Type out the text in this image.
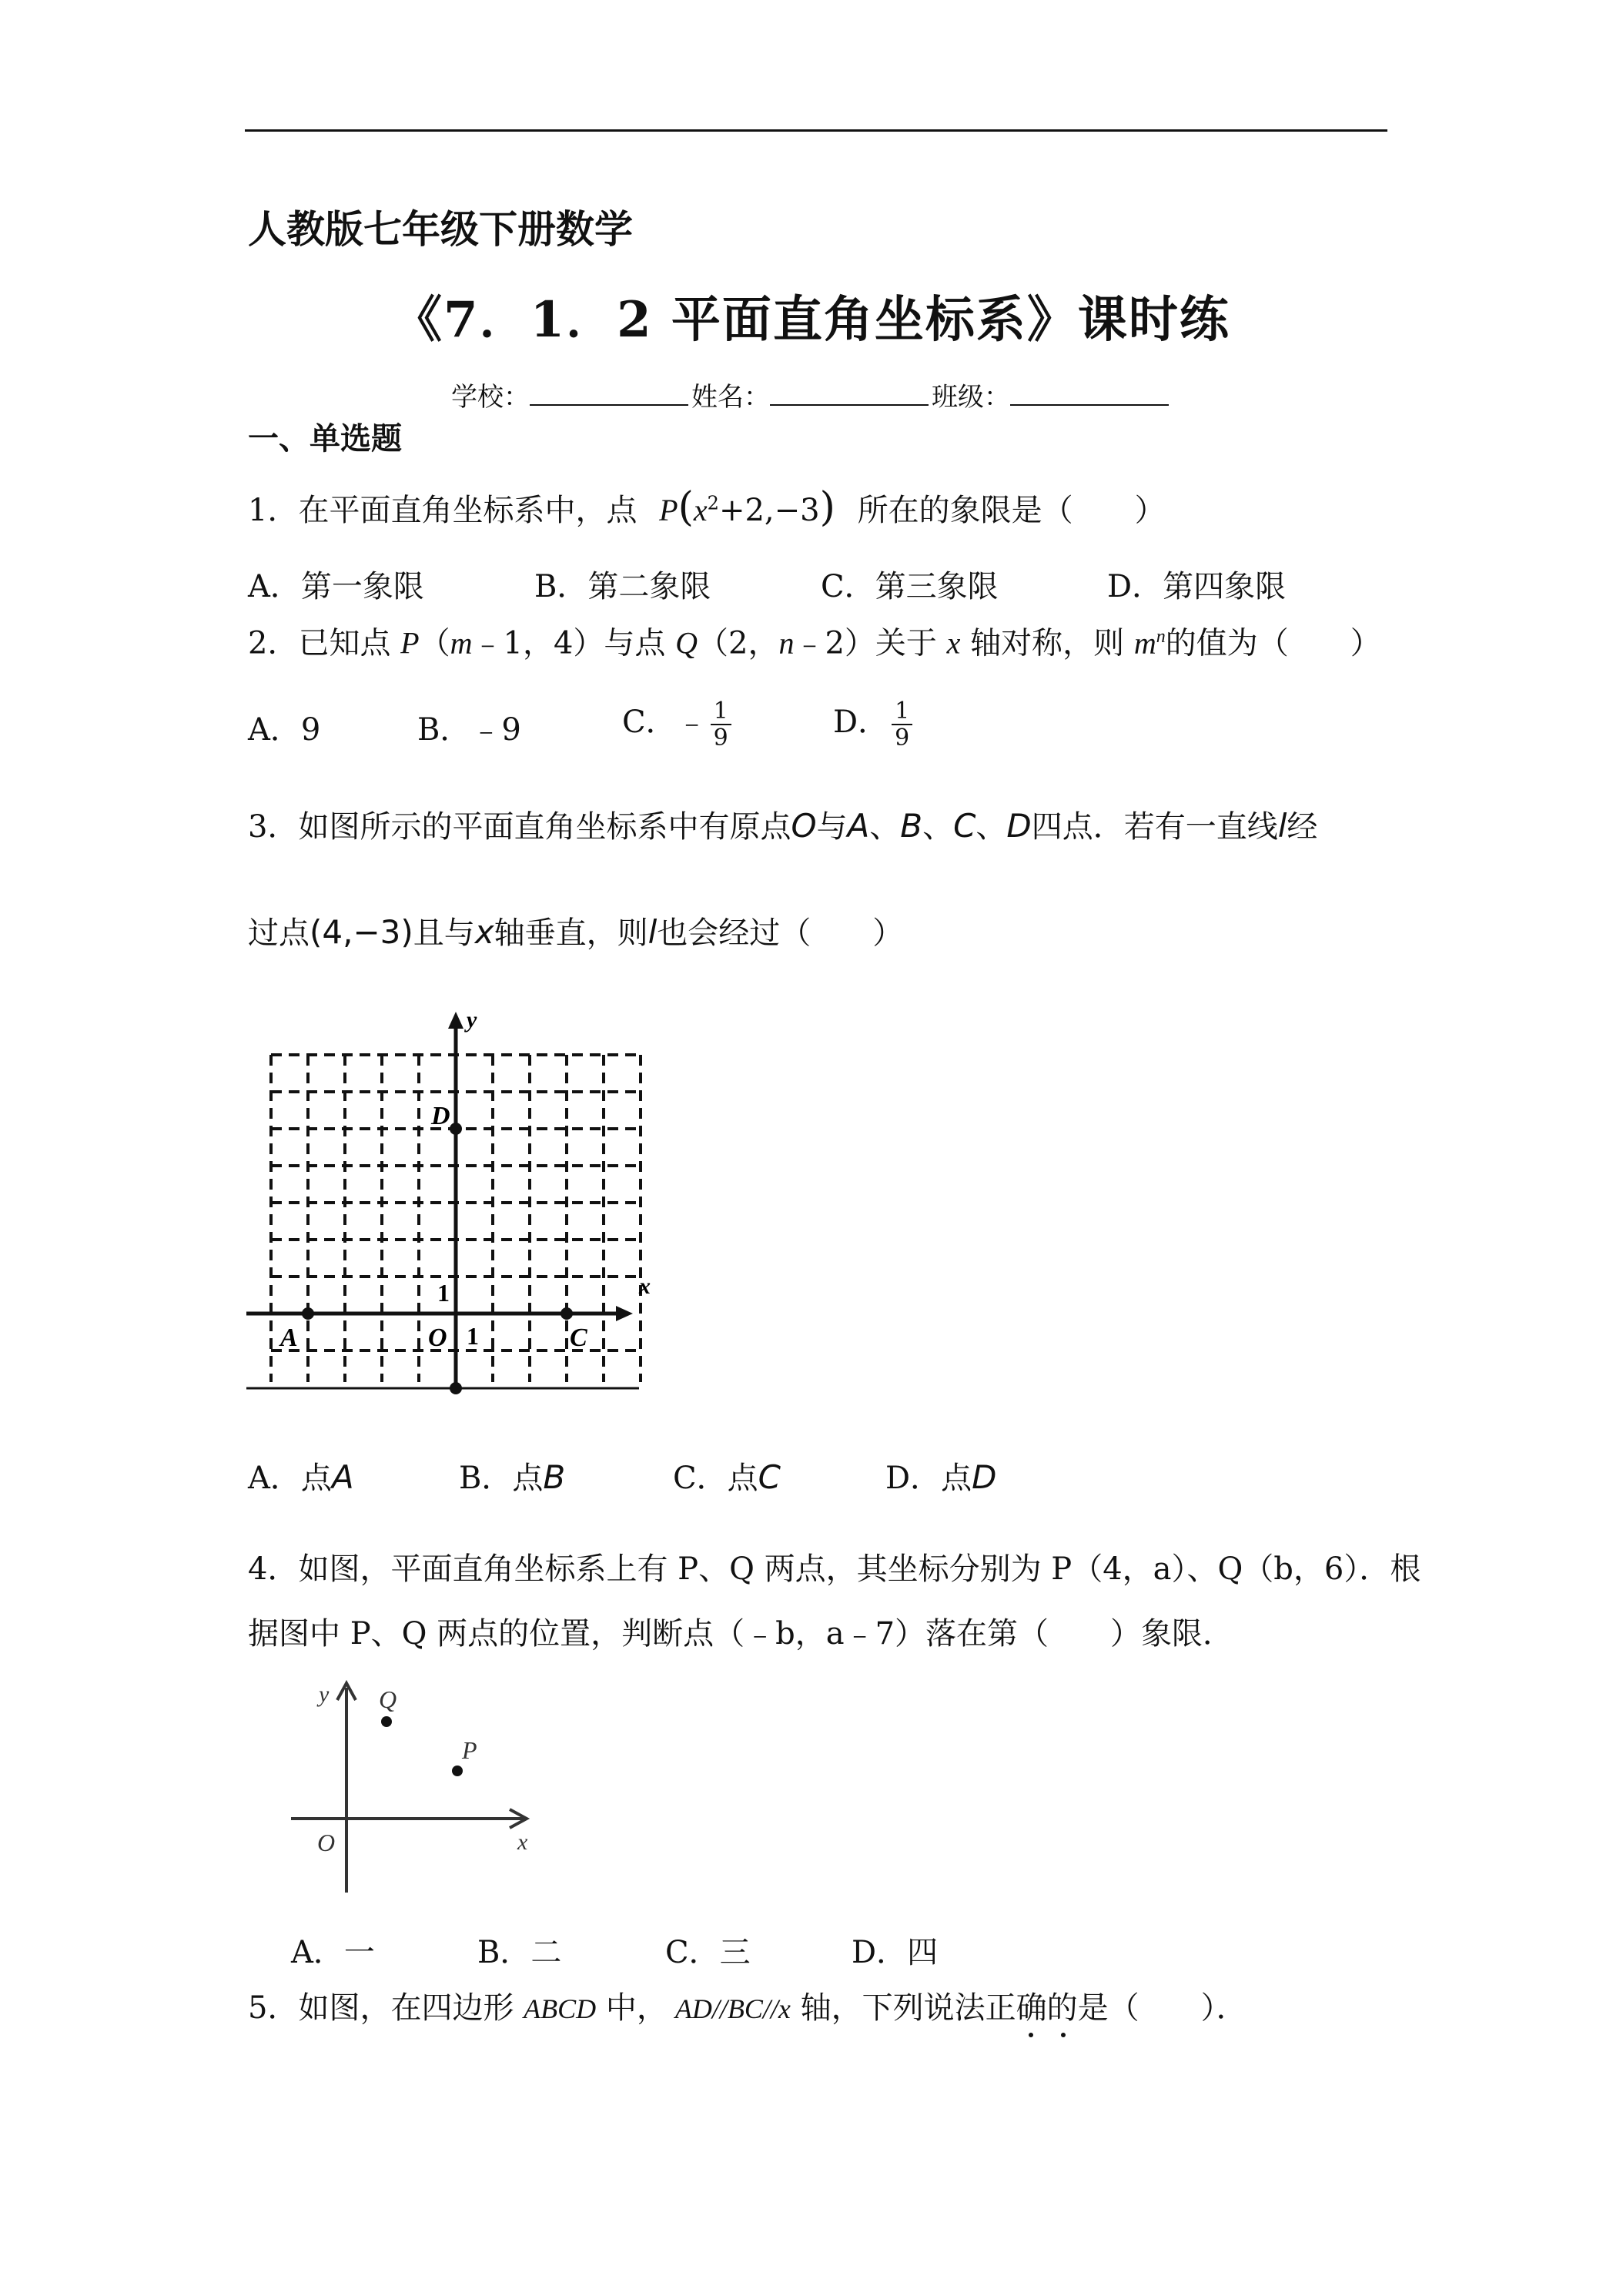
人教版七年级下册数学
《7．1．2 平面直角坐标系》课时练
学校：	姓名：	班级：
一、单选题
1．在平面直角坐标系中，点 $P(x^2+2,-3)$ 所在的象限是（　　）
A．第一象限	B．第二象限	C．第三象限	D．第四象限
2．已知点 P（m﹣1，4）与点 Q（2，n﹣2）关于 x 轴对称，则 $m^n$的值为（　　）
A．9	B．﹣9	C．﹣ $\frac{1}{9}$	D． $\frac{1}{9}$
3．如图所示的平面直角坐标系中有原点O与A、B、C、D四点．若有一直线l经
过点(4,−3)且与x轴垂直，则l也会经过（　　）
y
x
D
A	C
O
1
1
A．点A	B．点B	C．点C	D．点D
4．如图，平面直角坐标系上有 P、Q 两点，其坐标分别为 P（4，a）、Q（b，6）．根
据图中 P、Q 两点的位置，判断点（﹣b，a﹣7）落在第（　　）象限．
y
x
O
Q
P
A．一	B．二	C．三	D．四
5．如图，在四边形 ABCD 中， AD//BC//x 轴，下列说法正确的是（　　）．
